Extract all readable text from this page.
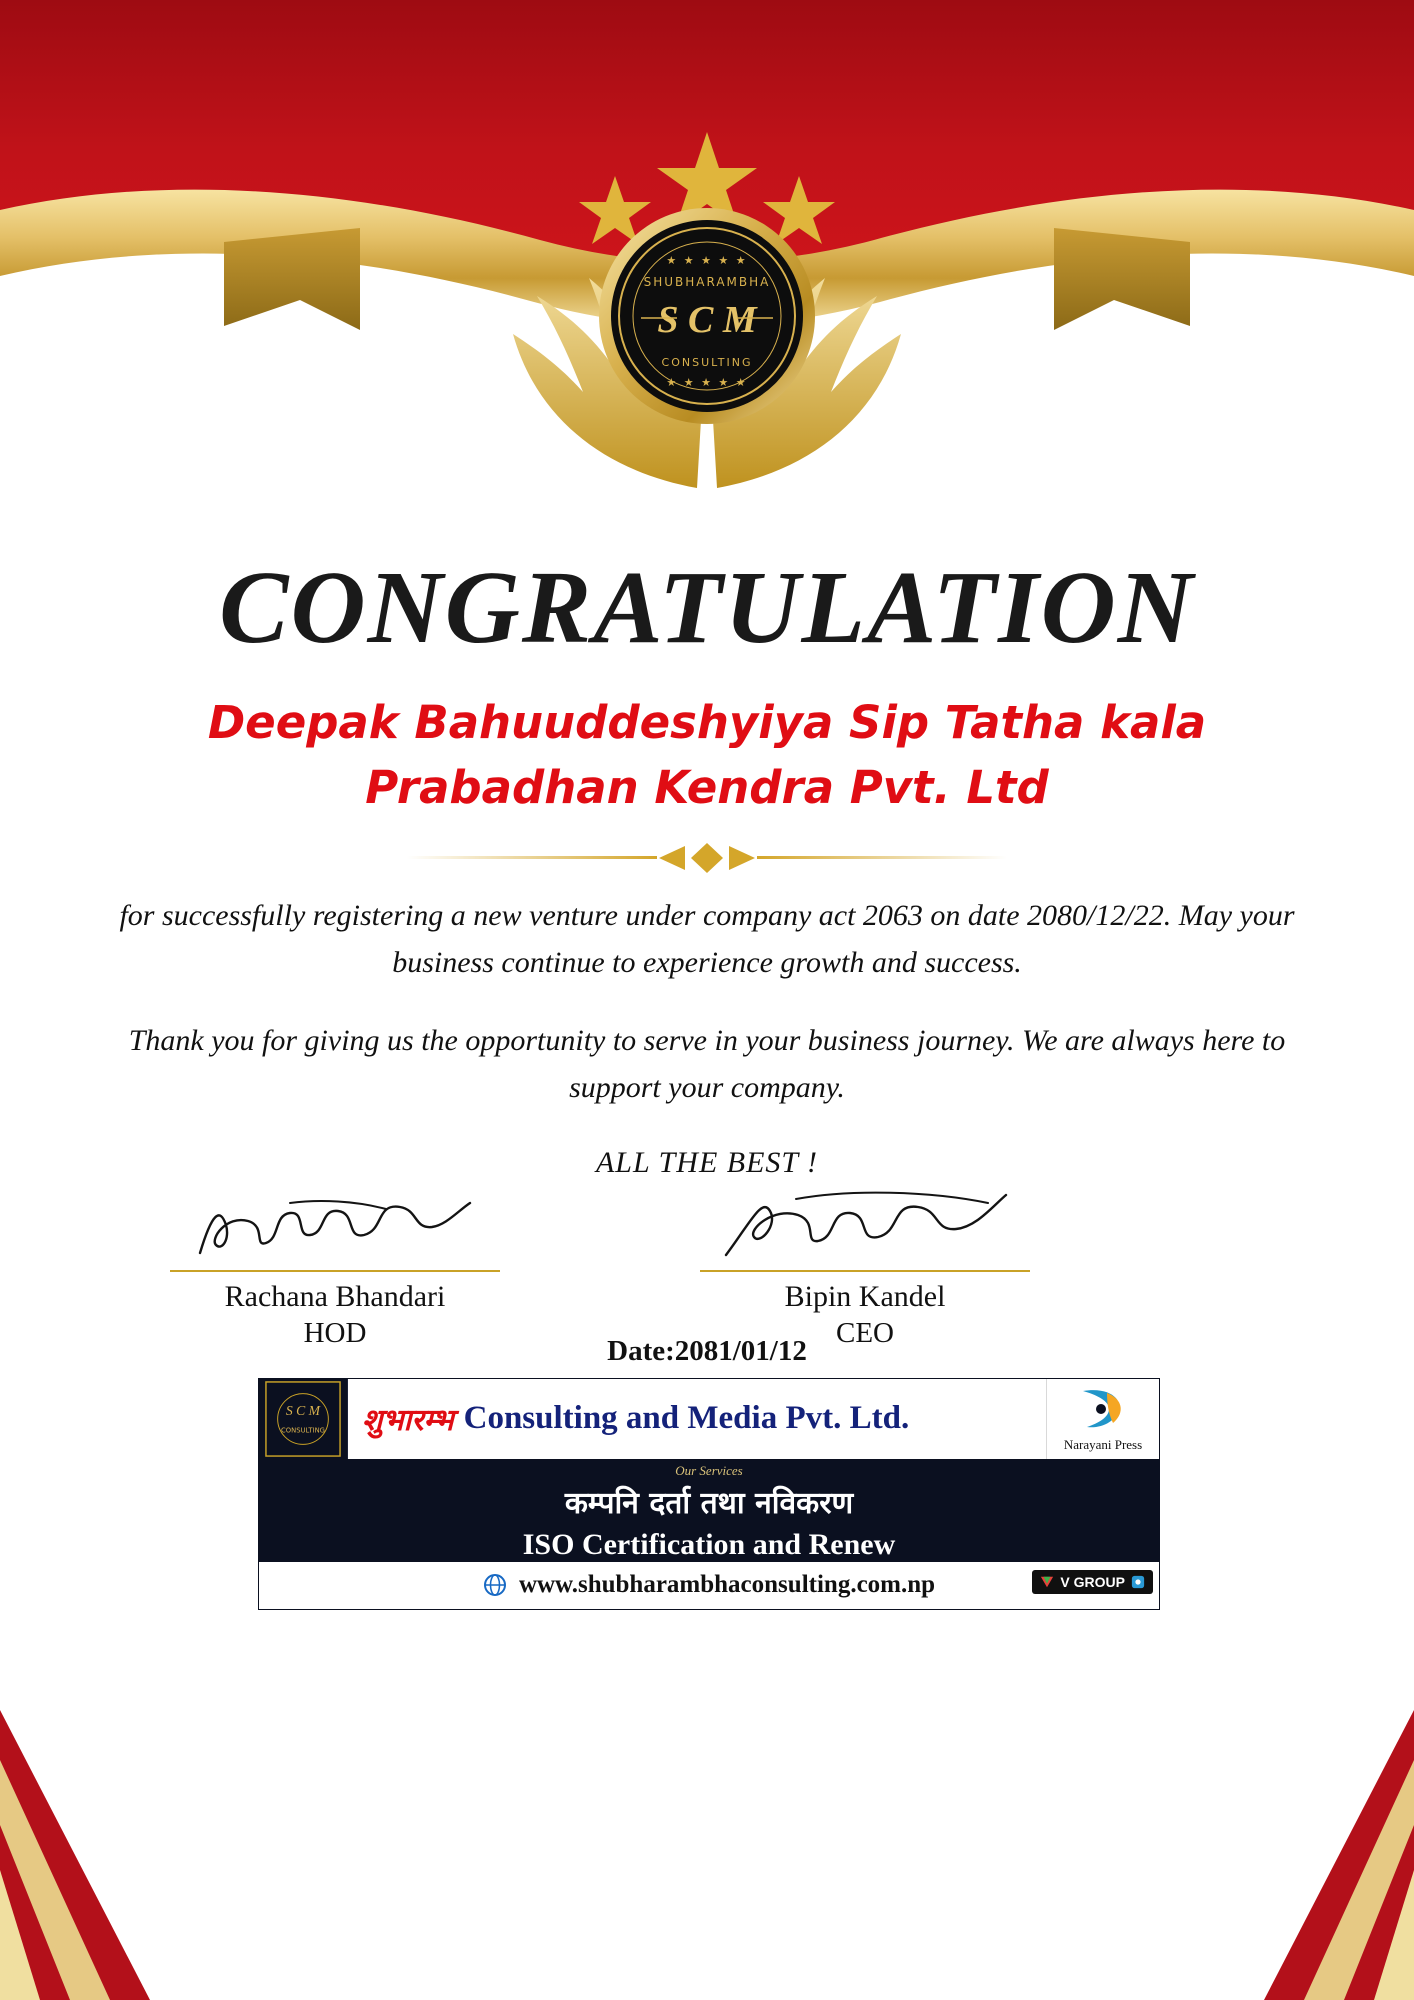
★ ★ ★ ★ ★
SHUBHARAMBHA
CONSULTING
★ ★ ★ ★ ★
S C M
CONGRATULATION
Deepak Bahuuddeshyiya Sip Tatha kala
Prabadhan Kendra Pvt. Ltd
for successfully registering a new venture under company act 2063 on date 2080/12/22. May your business continue to experience growth and success.
Thank you for giving us the opportunity to serve in your business journey. We are always here to support your company.
ALL THE BEST !
Rachana Bhandari
HOD
Bipin Kandel
CEO
Date:2081/01/12
S C M
CONSULTING शुभारम्भ Consulting and Media Pvt. Ltd.
Narayani Press
Our Services
कम्पनि दर्ता तथा नविकरण
ISO Certification and Renew
www.shubharambhaconsulting.com.np	V GROUP
